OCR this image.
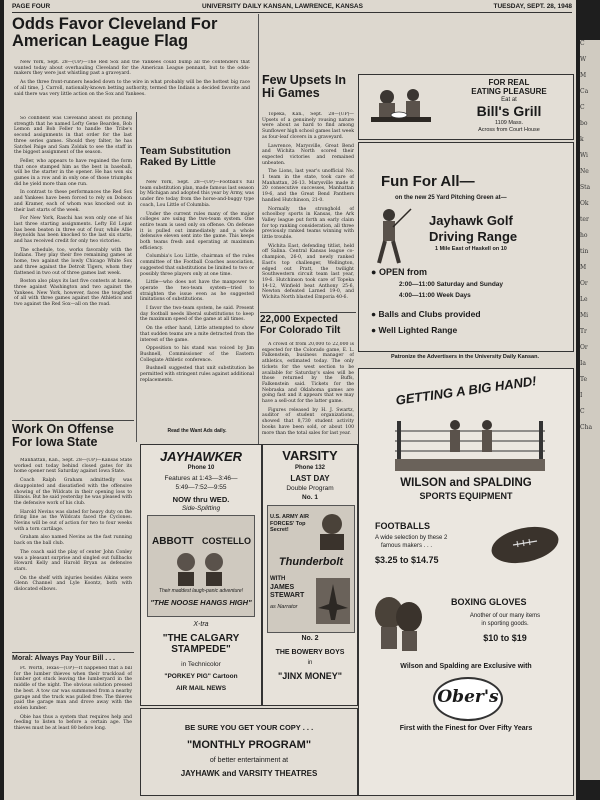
PAGE FOUR	UNIVERSITY DAILY KANSAN, LAWRENCE, KANSAS	TUESDAY, SEPT. 28, 1948
Odds Favor Cleveland For American League Flag

New York, Sept. 28—(UP)—The Red Sox and the Yankees could bump all the contenders that wanted today about overhauling Cleveland for the American League pennant, but to the odds-makers they were just whistling past a graveyard.

As the three front-runners headed down to the wire in what probably will be the hottest big race of all time, J. Carroll, nationally-known betting authority, termed the Indians a decided favorite and said there was very little action on the Sox and Yankees.

So confident was Cleveland about its pitching strength that he named Lefty Gene Bearden, Bob Lemon and Bob Feller to handle the Tribe's second assignments in that order for the last three series games. Should they falter, he has Satchel Paige and Sam Zoldak to see the staff in the biggest assignment of the season.

Feller, who appears to have regained the form that once stamped him as the best in baseball, will be the starter in the opener. He has won six games in a row and in only one of those triumphs did he yield more than one run.

In contrast to these performances the Red Sox and Yankees have been forced to rely on Dobson and Kramer, each of whom was knocked out in their last starts of the week.

For New York, Raschi has won only one of his last three starting assignments. Lefty Ed Lopat has been beaten in three out of four, while Allie Reynolds has been knocked to the last six starts, and has received credit for only two victories.

The schedule, too, works favorably with the Indians. They play their five remaining games at home, two against the lowly Chicago White Sox and three against the Detroit Tigers, whom they flattened in two out of three games last week.

Boston also plays its last five contests at home, three against Washington and two against the Yankees. New York, however, faces the toughest of all with three games against the Athletics and two against the Red Sox—all on the road.

Work On Offense For Iowa State

Manhattan, Kan., Sept. 28—(UP)—Kansas State worked out today behind closed gates for its home opener next Saturday against Iowa State.

Coach Ralph Graham admittedly was disappointed and dissatisfied with the offensive showing of the Wildcats in their opening loss to Illinois. But he said yesterday he was pleased with the defensive work of his club.

Harold Nevins was slated for heavy duty on the firing line as the Wildcats faced the Cyclones. Nevins will be out of action for two to four weeks with a torn cartilage.

Graham also named Nevins as the fast running back on the ball club.

The coach said the play of center John Conley was a pleasant surprise and singled out fullbacks Howard Kelly and Harold Bryan as defensive stars.

On the shelf with injuries besides Aikins were Glenn Channel and Lyle Koontz, both with dislocated elbows.

Moral: Always Pay Your Bill . . .

Ft. Worth, Texas—(UP)—It happened that a bill for the lumber thieves when their truckload of lumber got stuck leaving the lumberyard in the middle of the night. The obvious solution pressed the best. A tow car was summoned from a nearby garage and the truck was pulled free. The thieves paid the garage man and drove away with the stolen lumber.

Obie has thus a system that requires help and feeding to listen to before a certain age. The thieves must be at least 80 before long.

Team Substitution Raked By Little

New York, Sept. 28—(UP)—Football's full team substitution plan, made famous last season by Michigan and adopted this year by Army, was under fire today from the horse-and-buggy type coach, Lou Little of Columbia.

Under the current rules many of the major colleges are using the two-team system. One entire team is used only on offense. On defense it is pulled out immediately and a whole defensive eleven sent into the game. This keeps both teams fresh and operating at maximum efficiency.

Columbia's Lou Little, chairman of the rules committee of the Football Coaches association, suggested that substitutions be limited to two or possibly three players only at one time.

Little—who does not have the manpower to operate the two-team system—tried to straighten the issue even as he suggested limitations of substitutions.

I favor the two-team system, he said. Present day football needs liberal substitutions to keep the maximum speed of the game at all times.

On the other hand, Little attempted to show that sudden teams are a mite detracted from the interest of the game.

Opposition to his stand was voiced by Jim Bushnell, Commissioner of the Eastern Collegiate Athletic conference.

Bushnell suggested that unit substitution be permitted with stringent rules against additional replacements.

Read the Want Ads daily.
Few Upsets In Hi Games

Topeka, Kan., Sept. 28—(UP)—Upsets of a genuinely rousing nature were about as hard to find among Sunflower high school games last week as four-leaf clovers in a graveyard.

Lawrence, Marysville, Great Bend and Wichita North scored their expected victories and remained unbeaten.

The Lions, last year's unofficial No. 1 team in the state, took care of Manhattan, 26-13. Marysville made it 20 consecutive successes, Manhattan 19-6, and the Great Bend Panthers handled Hutchinson, 21-0.

Normally the stronghold of schoolboy sports in Kansas, the Ark Valley league put forth an early claim for top ranking consideration, all three previously ranked teams winning with little trouble.

Wichita East, defending titlist, held off Salina. Central Kansas league co-champion, 26-0, and newly ranked East's top challenger, Wellington, edged out Pratt, the twilight Southwestern circuit team last year, 19-6. Hutchinson took care of Topeka 14-12, Winfield beat Anthony 25-6, Newton defeated Larned 19-0, and Wichita North blasted Emporia 40-6.

22,000 Expected For Colorado Tilt

A crowd of from 20,000 to 22,000 is expected for the Colorado game, E. L. Falkenstein, business manager of athletics, estimated today. The only tickets for the west section to be available for Saturday's sales will be those returned by the Buffs, Falkenstein said. Tickets for the Nebraska and Oklahoma games are going fast and it appears that we may have a sell-out for the latter game.

Figures released by H. J. Swartz, auditor of student organizations, showed that 8,730 student activity books have been sold, or about 100 more than the total sales for last year.

FOR REAL
EATING PLEASURE
Eat at
Bill's Grill
1109 Mass.
Across from Court House
Fun For All—
on the new 25 Yard Pitching Green at—
Jayhawk Golf
Driving Range
1 Mile East of Haskell on 10
● OPEN from
2:00—11:00 Saturday and Sunday
4:00—11:00 Week Days
● Balls and Clubs provided
● Well Lighted Range
Patronize the Advertisers in the University Daily Kansan.
GETTING A BIG HAND!
WILSON and SPALDING
SPORTS EQUIPMENT
FOOTBALLS
A wide selection by these 2
famous makers . . .
$3.25 to $14.75
BOXING GLOVES
Another of our many items
in sporting goods.
$10 to $19
Wilson and Spalding are Exclusive with
Ober's
First with the Finest for Over Fifty Years
JAYHAWKER
Phone 10
Features at 1:43—3:46—
5:49—7:52—9:55
NOW thru WED.
Side-Splitting
ABBOTT COSTELLO
Their maddest laugh-panic adventure!
"THE NOOSE HANGS HIGH"
X-tra
"THE CALGARY STAMPEDE"
in Technicolor
"PORKEY PIG" Cartoon
AIR MAIL NEWS
VARSITY
Phone 132
LAST DAY
Double Program
No. 1
U.S. ARMY AIR FORCES' Top Secret!
Thunderbolt
WITH
JAMES STEWART
as Narrator
No. 2
THE BOWERY BOYS
in
"JINX MONEY"
BE SURE YOU GET YOUR COPY . . .
"MONTHLY PROGRAM"
of better entertainment at
JAYHAWK and VARSITY THEATRES
C
W
M
Ca
C
bo
k
Wi
Ne
Sta
Ok
ter
ho
tin
M
Or
Le
Mi
Tr
Or
Ia
Te
I
C
Cha
